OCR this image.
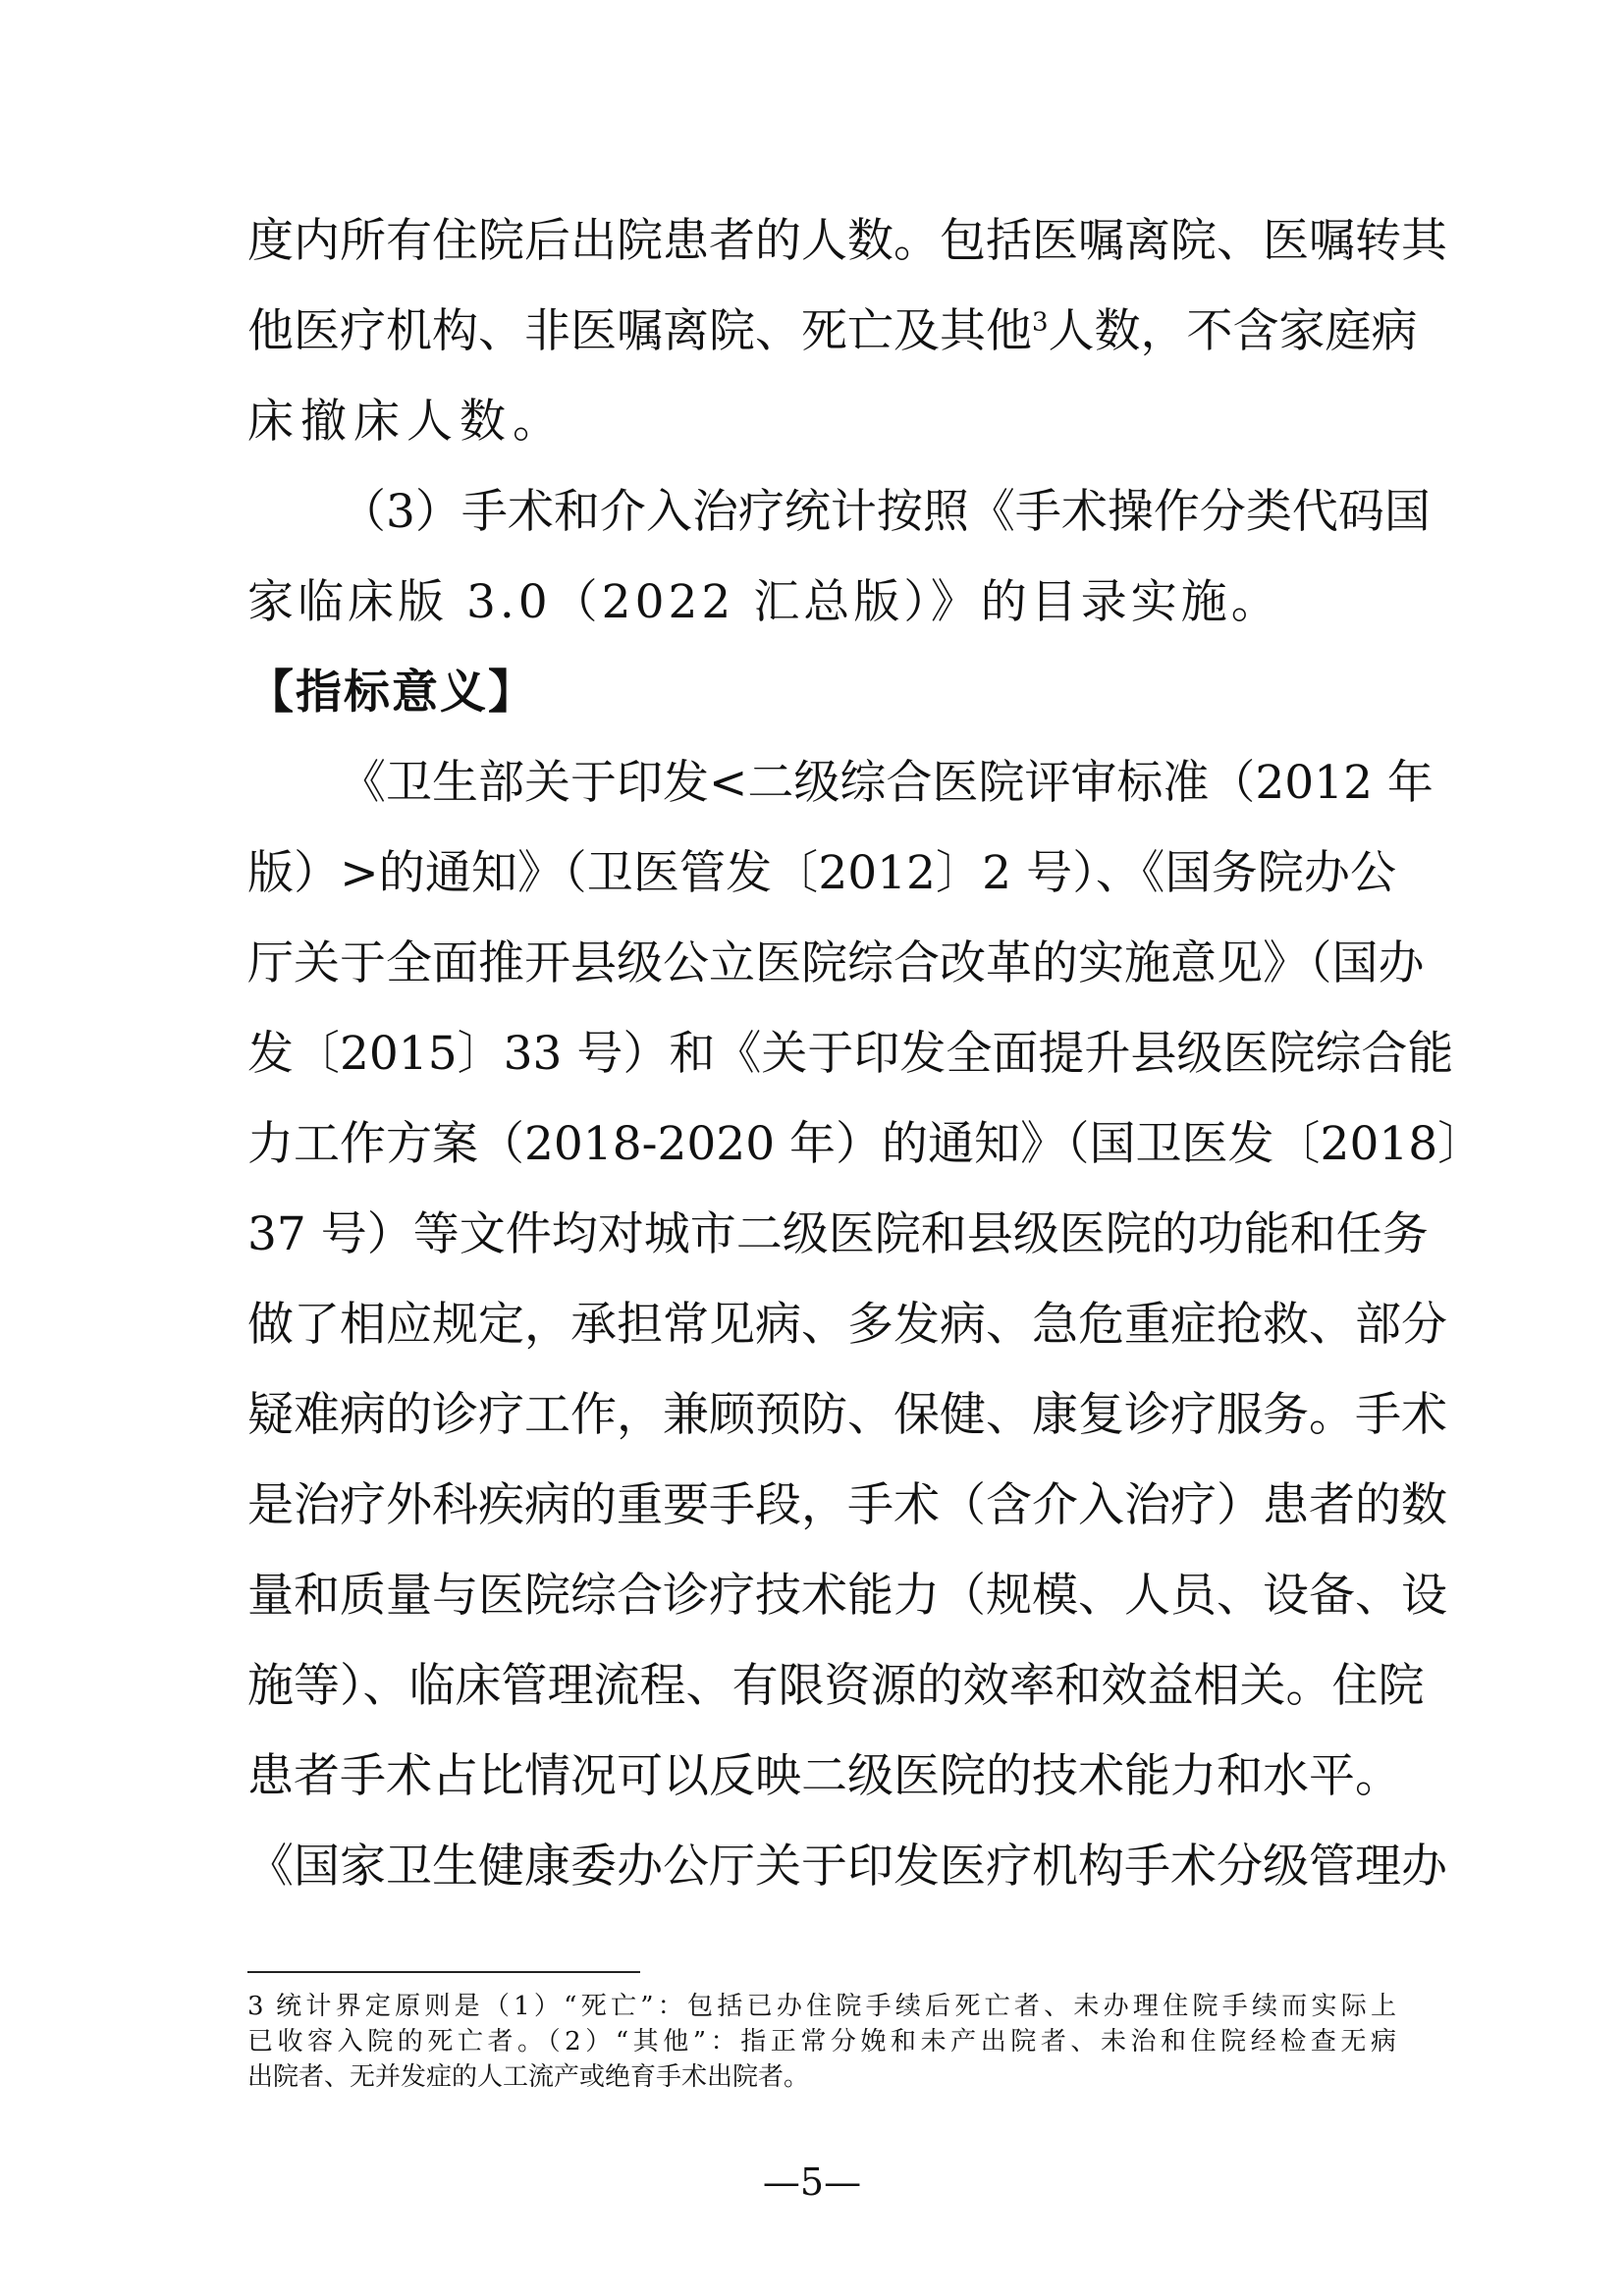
度内所有住院后出院患者的人数。包括医嘱离院、医嘱转其
他医疗机构、非医嘱离院、死亡及其他$^3$人数，不含家庭病
床撤床人数。
（3）手术和介入治疗统计按照《手术操作分类代码国
家临床版 3.0（2022 汇总版）》的目录实施。
【指标意义】
《卫生部关于印发<二级综合医院评审标准（2012 年
版）>的通知》（卫医管发〔2012〕2 号）、《国务院办公
厅关于全面推开县级公立医院综合改革的实施意见》（国办
发〔2015〕33 号）和《关于印发全面提升县级医院综合能
力工作方案（2018-2020 年）的通知》（国卫医发〔2018〕
37 号）等文件均对城市二级医院和县级医院的功能和任务
做了相应规定，承担常见病、多发病、急危重症抢救、部分
疑难病的诊疗工作，兼顾预防、保健、康复诊疗服务。手术
是治疗外科疾病的重要手段，手术（含介入治疗）患者的数
量和质量与医院综合诊疗技术能力（规模、人员、设备、设
施等）、临床管理流程、有限资源的效率和效益相关。住院
患者手术占比情况可以反映二级医院的技术能力和水平。
《国家卫生健康委办公厅关于印发医疗机构手术分级管理办
3 统计界定原则是（1）“死亡”：包括已办住院手续后死亡者、未办理住院手续而实际上
已收容入院的死亡者。（2）“其他”：指正常分娩和未产出院者、未治和住院经检查无病
出院者、无并发症的人工流产或绝育手术出院者。
—5—
